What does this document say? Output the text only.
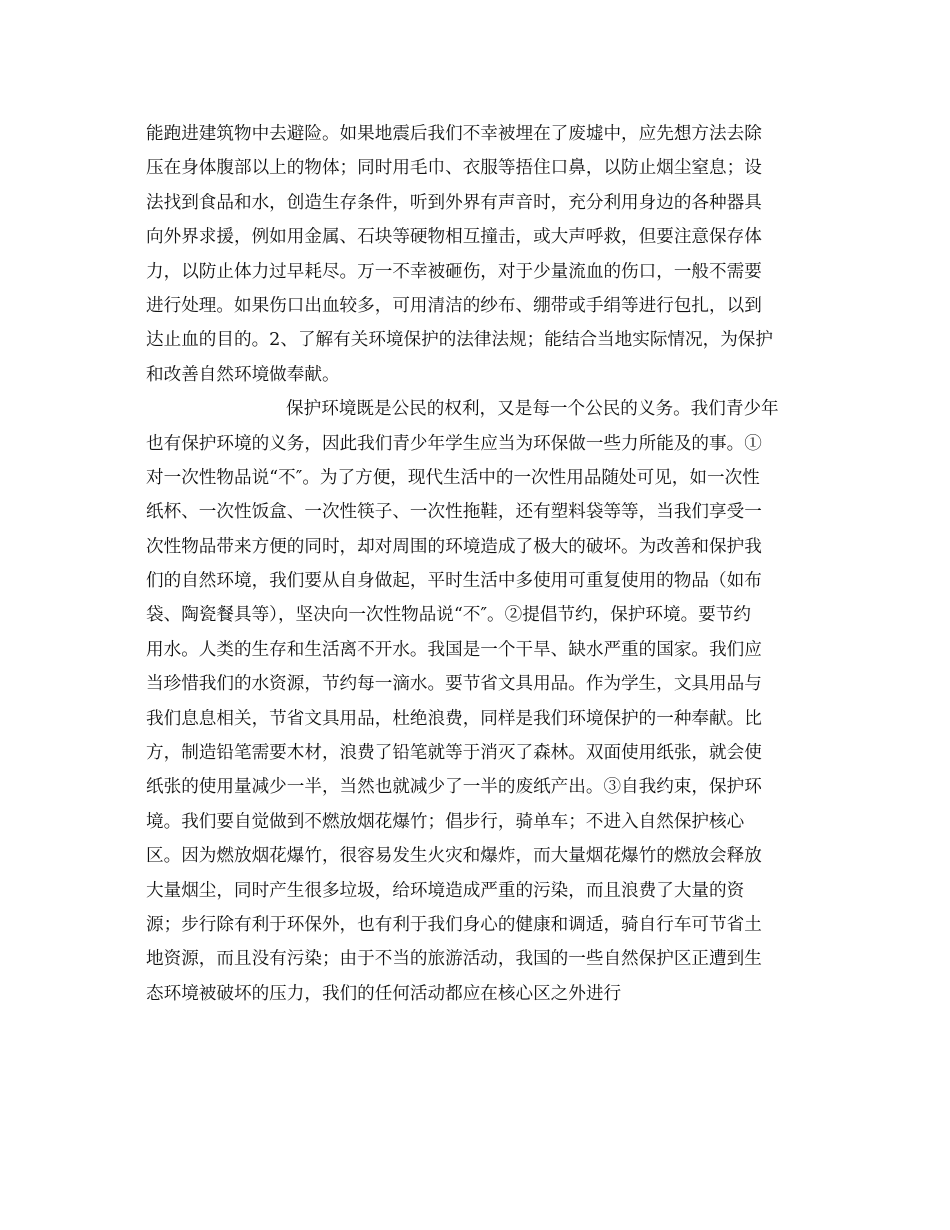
能跑进建筑物中去避险。如果地震后我们不幸被埋在了废墟中，应先想方法去除
压在身体腹部以上的物体；同时用毛巾、衣服等捂住口鼻，以防止烟尘窒息；设
法找到食品和水，创造生存条件，听到外界有声音时，充分利用身边的各种器具
向外界求援，例如用金属、石块等硬物相互撞击，或大声呼救，但要注意保存体
力，以防止体力过早耗尽。万一不幸被砸伤，对于少量流血的伤口，一般不需要
进行处理。如果伤口出血较多，可用清洁的纱布、绷带或手绢等进行包扎，以到
达止血的目的。2、了解有关环境保护的法律法规；能结合当地实际情况，为保护
和改善自然环境做奉献。
保护环境既是公民的权利，又是每一个公民的义务。我们青少年
也有保护环境的义务，因此我们青少年学生应当为环保做一些力所能及的事。①
对一次性物品说“不″。为了方便，现代生活中的一次性用品随处可见，如一次性
纸杯、一次性饭盒、一次性筷子、一次性拖鞋，还有塑料袋等等，当我们享受一
次性物品带来方便的同时，却对周围的环境造成了极大的破坏。为改善和保护我
们的自然环境，我们要从自身做起，平时生活中多使用可重复使用的物品（如布
袋、陶瓷餐具等），坚决向一次性物品说“不″。②提倡节约，保护环境。要节约
用水。人类的生存和生活离不开水。我国是一个干旱、缺水严重的国家。我们应
当珍惜我们的水资源，节约每一滴水。要节省文具用品。作为学生，文具用品与
我们息息相关，节省文具用品，杜绝浪费，同样是我们环境保护的一种奉献。比
方，制造铅笔需要木材，浪费了铅笔就等于消灭了森林。双面使用纸张，就会使
纸张的使用量减少一半，当然也就减少了一半的废纸产出。③自我约束，保护环
境。我们要自觉做到不燃放烟花爆竹；倡步行，骑单车；不进入自然保护核心
区。因为燃放烟花爆竹，很容易发生火灾和爆炸，而大量烟花爆竹的燃放会释放
大量烟尘，同时产生很多垃圾，给环境造成严重的污染，而且浪费了大量的资
源；步行除有利于环保外，也有利于我们身心的健康和调适，骑自行车可节省土
地资源，而且没有污染；由于不当的旅游活动，我国的一些自然保护区正遭到生
态环境被破坏的压力，我们的任何活动都应在核心区之外进行
